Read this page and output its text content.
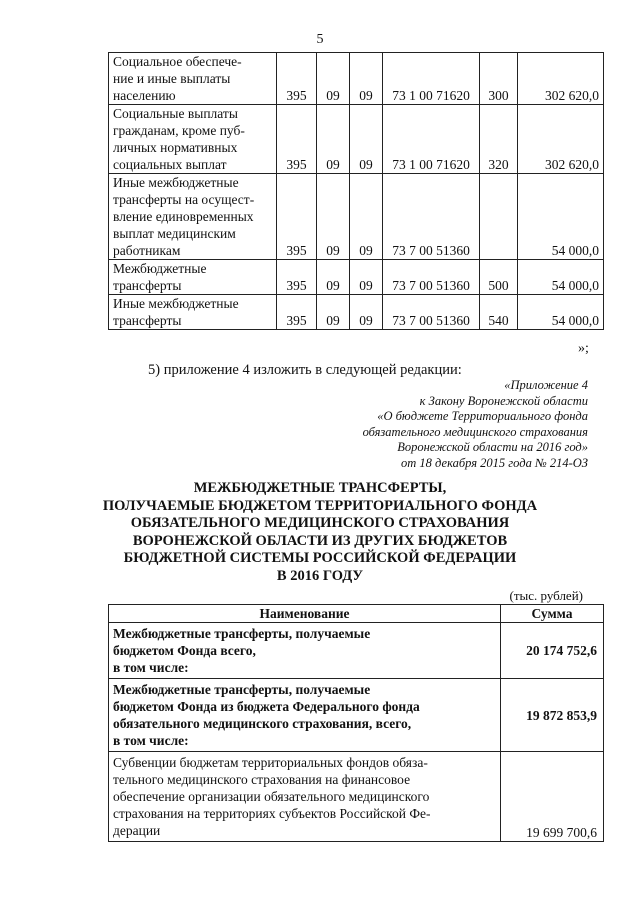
5
Социальное обеспече-
ние и иные выплаты
населению	395	09	09	73 1 00 71620	300	302 620,0

Социальные выплаты
гражданам, кроме пуб-
личных нормативных
социальных выплат	395	09	09	73 1 00 71620	320	302 620,0

Иные межбюджетные
трансферты на осущест-
вление единовременных
выплат медицинским
работникам	395	09	09	73 7 00 51360		54 000,0

Межбюджетные
трансферты	395	09	09	73 7 00 51360	500	54 000,0

Иные межбюджетные
трансферты	395	09	09	73 7 00 51360	540	54 000,0
»;
5) приложение 4 изложить в следующей редакции:
«Приложение 4
к Закону Воронежской области
«О бюджете Территориального фонда
обязательного медицинского страхования
Воронежской области на 2016 год»
от 18 декабря 2015 года № 214-ОЗ
МЕЖБЮДЖЕТНЫЕ ТРАНСФЕРТЫ,
ПОЛУЧАЕМЫЕ БЮДЖЕТОМ ТЕРРИТОРИАЛЬНОГО ФОНДА
ОБЯЗАТЕЛЬНОГО МЕДИЦИНСКОГО СТРАХОВАНИЯ
ВОРОНЕЖСКОЙ ОБЛАСТИ ИЗ ДРУГИХ БЮДЖЕТОВ
БЮДЖЕТНОЙ СИСТЕМЫ РОССИЙСКОЙ ФЕДЕРАЦИИ
В 2016 ГОДУ
(тыс. рублей)
Наименование	Сумма

Межбюджетные трансферты, получаемые
бюджетом Фонда всего,
в том числе:	20 174 752,6

Межбюджетные трансферты, получаемые
бюджетом Фонда из бюджета Федерального фонда
обязательного медицинского страхования, всего,
в том числе:	19 872 853,9

Субвенции бюджетам территориальных фондов обяза-
тельного медицинского страхования на финансовое
обеспечение организации обязательного медицинского
страхования на территориях субъектов Российской Фе-
дерации	19 699 700,6
